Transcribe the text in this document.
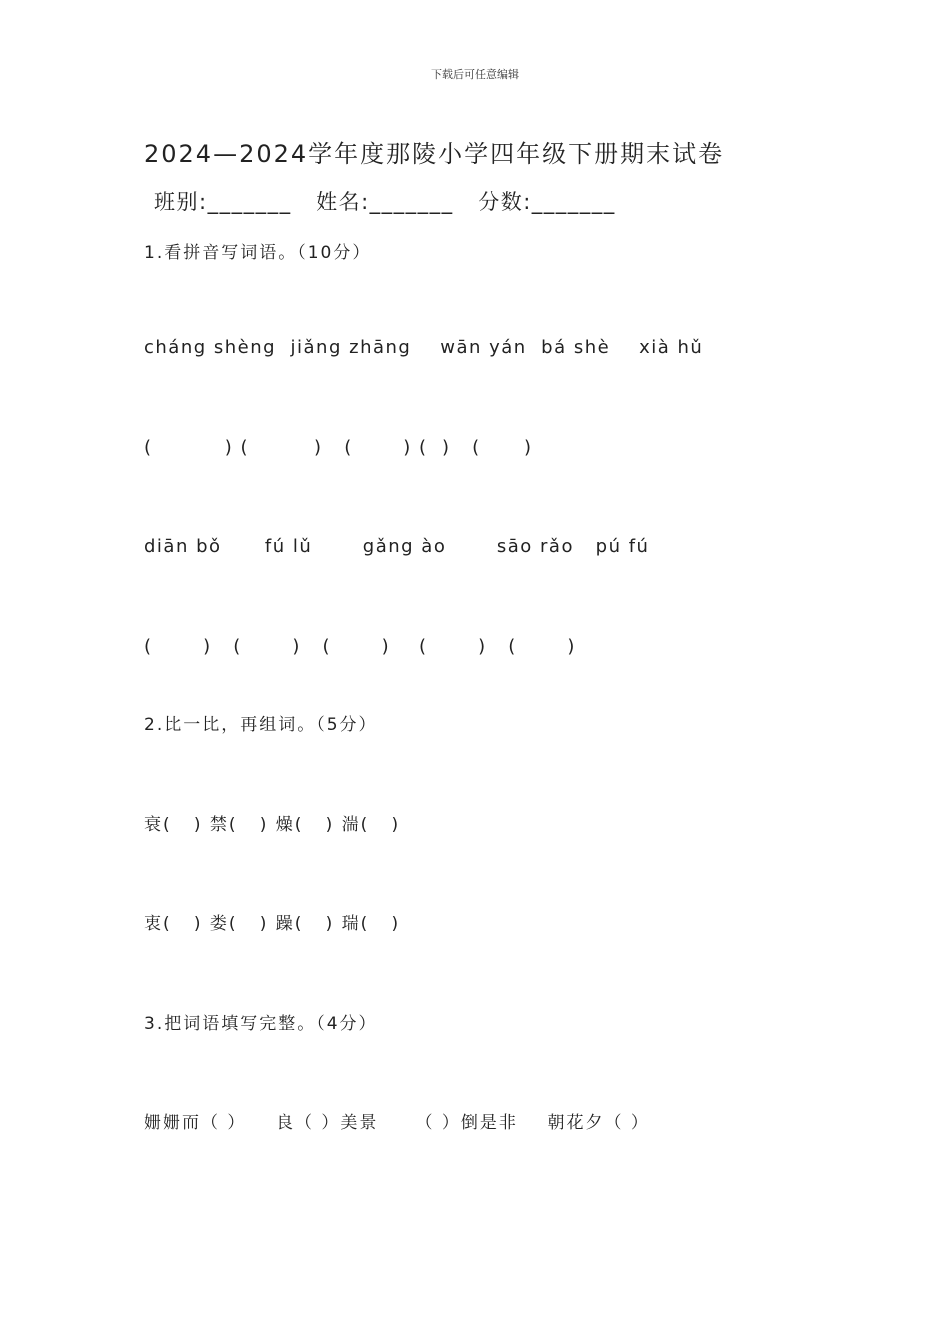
下载后可任意编辑
2024—2024学年度那陵小学四年级下册期末试卷
班别:_______   姓名:_______   分数:_______
1.看拼音写词语。（10分）
cháng shèng  jiǎng zhāng    wān yán  bá shè    xià hǔ
(          ) (         )   (       ) (  )   (      )
diān bǒ      fú lǔ       gǎng ào       sāo rǎo   pú fú
(       )   (       )   (       )    (       )   (       )
2.比一比，再组词。（5分）
衰(   ) 禁(   ) 燥(   ) 湍(   )
衷(   ) 娄(   ) 躁(   ) 瑞(   )
3.把词语填写完整。（4分）
姗姗而（ ）    良（ ）美景     （ ）倒是非    朝花夕（ ）
